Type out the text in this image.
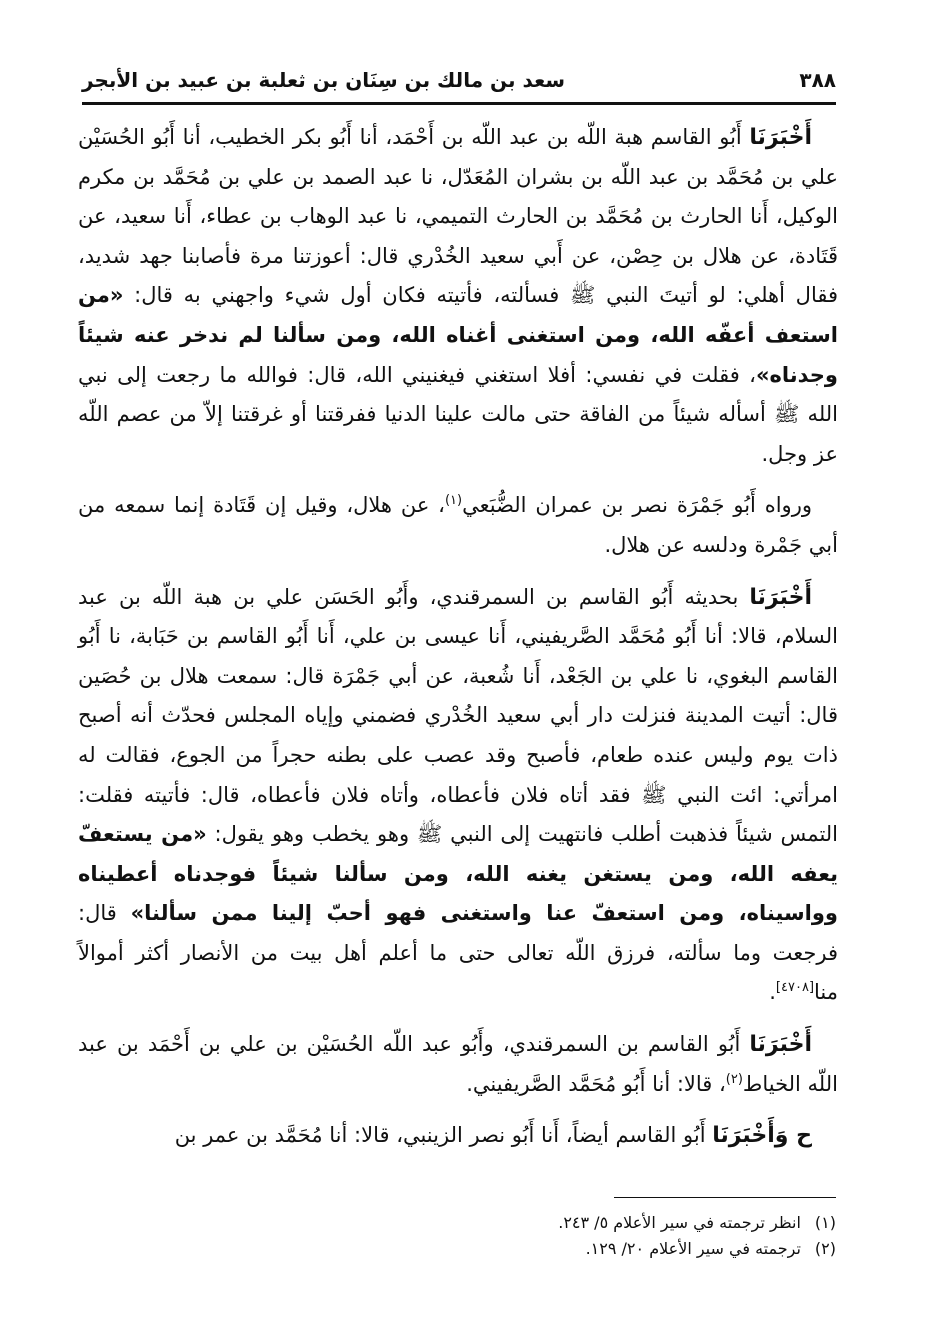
٣٨٨
سعد بن مالك بن سِنَان بن ثعلبة بن عبيد بن الأبجر

أَخْبَرَنَا أَبُو القاسم هبة اللّه بن عبد اللّه بن أَحْمَد، أنا أَبُو بكر الخطيب، أنا أَبُو الحُسَيْن علي بن مُحَمَّد بن عبد اللّه بن بشران المُعَدّل، نا عبد الصمد بن علي بن مُحَمَّد بن مكرم الوكيل، أَنا الحارث بن مُحَمَّد بن الحارث التميمي، نا عبد الوهاب بن عطاء، أَنا سعيد، عن قَتَادة، عن هلال بن حِصْن، عن أَبي سعيد الخُدْري قال: أعوزتنا مرة فأصابنا جهد شديد، فقال أهلي: لو أتيتَ النبي ﷺ فسألته، فأتيته فكان أول شيء واجهني به قال: «من استعف أعفّه الله، ومن استغنى أغناه الله، ومن سألنا لم ندخر عنه شيئاً وجدناه»، فقلت في نفسي: أفلا استغني فيغنيني الله، قال: فوالله ما رجعت إلى نبي الله ﷺ أسأله شيئاً من الفاقة حتى مالت علينا الدنيا ففرقتنا أو غرقتنا إلاّ من عصم اللّه عز وجل.

ورواه أَبُو جَمْرَة نصر بن عمران الضُّبَعي$^{(١)}$، عن هلال، وقيل إن قَتَادة إنما سمعه من أبي جَمْرة ودلسه عن هلال.

أَخْبَرَنَا بحديثه أَبُو القاسم بن السمرقندي، وأَبُو الحَسَن علي بن هبة اللّه بن عبد السلام، قالا: أنا أَبُو مُحَمَّد الصَّريفيني، أَنا عيسى بن علي، أَنا أَبُو القاسم بن حَبَابة، نا أَبُو القاسم البغوي، نا علي بن الجَعْد، أَنا شُعبة، عن أبي جَمْرَة قال: سمعت هلال بن حُصَين قال: أتيت المدينة فنزلت دار أبي سعيد الخُدْري فضمني وإياه المجلس فحدّث أنه أصبح ذات يوم وليس عنده طعام، فأصبح وقد عصب على بطنه حجراً من الجوع، فقالت له امرأتي: ائت النبي ﷺ فقد أتاه فلان فأعطاه، وأتاه فلان فأعطاه، قال: فأتيته فقلت: التمس شيئاً فذهبت أطلب فانتهيت إلى النبي ﷺ وهو يخطب وهو يقول: «من يستعفّ يعفه الله، ومن يستغن يغنه الله، ومن سألنا شيئاً فوجدناه أعطيناه وواسيناه، ومن استعفّ عنا واستغنى فهو أحبّ إلينا ممن سألنا» قال: فرجعت وما سألته، فرزق اللّه تعالى حتى ما أعلم أهل بيت من الأنصار أكثر أموالاً منا[٤٧٠٨].

أَخْبَرَنَا أَبُو القاسم بن السمرقندي، وأَبُو عبد اللّه الحُسَيْن بن علي بن أَحْمَد بن عبد اللّه الخياط$^{(٢)}$، قالا: أنا أَبُو مُحَمَّد الصَّريفيني.

ح وَأَخْبَرَنَا أَبُو القاسم أيضاً، أَنا أَبُو نصر الزينبي، قالا: أنا مُحَمَّد بن عمر بن

(١) انظر ترجمته في سير الأعلام ٥/ ٢٤٣.
(٢) ترجمته في سير الأعلام ٢٠/ ١٢٩.
